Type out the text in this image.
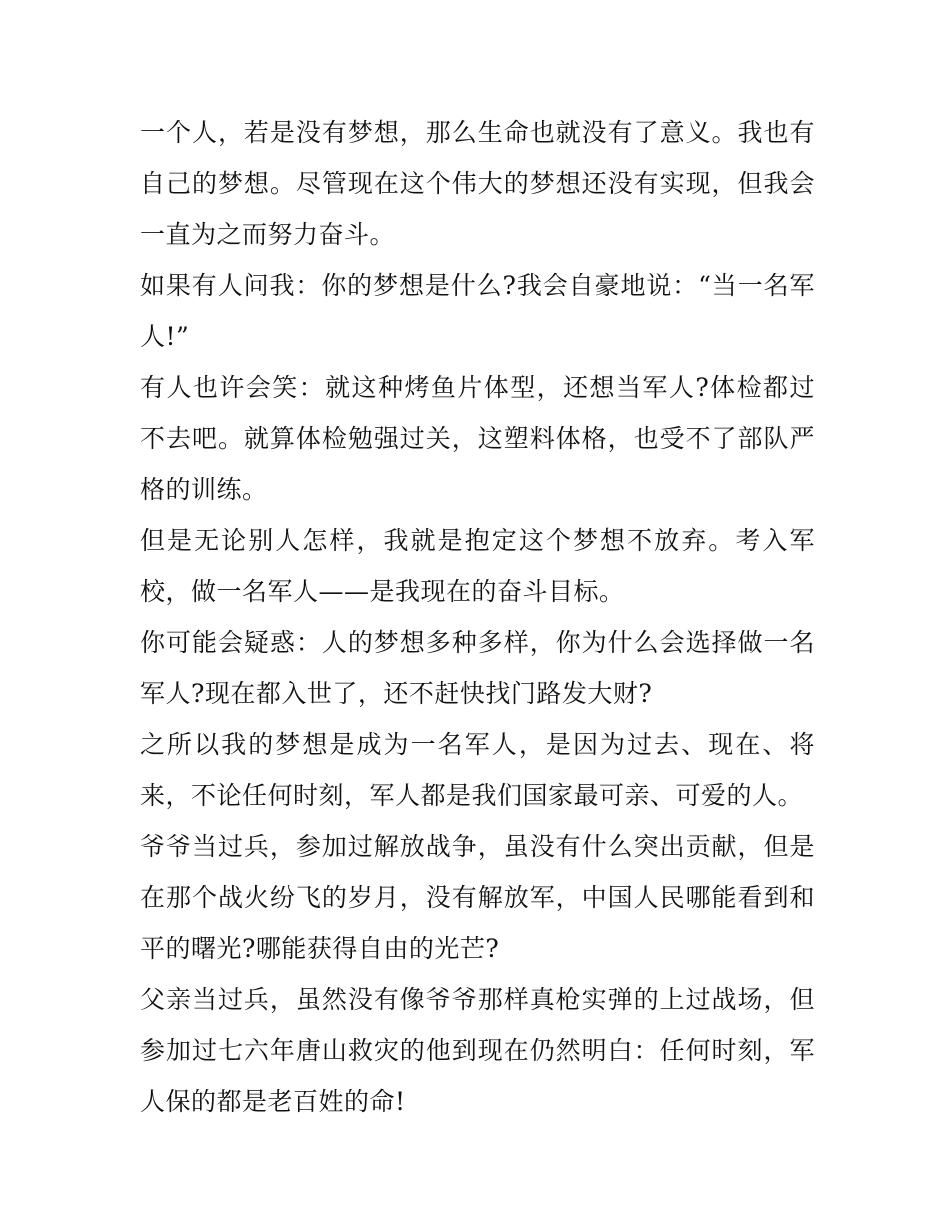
一个人，若是没有梦想，那么生命也就没有了意义。我也有自己的梦想。尽管现在这个伟大的梦想还没有实现，但我会一直为之而努力奋斗。

如果有人问我：你的梦想是什么?我会自豪地说：“当一名军人!”

有人也许会笑：就这种烤鱼片体型，还想当军人?体检都过不去吧。就算体检勉强过关，这塑料体格，也受不了部队严格的训练。

但是无论别人怎样，我就是抱定这个梦想不放弃。考入军校，做一名军人——是我现在的奋斗目标。

你可能会疑惑：人的梦想多种多样，你为什么会选择做一名军人?现在都入世了，还不赶快找门路发大财?

之所以我的梦想是成为一名军人，是因为过去、现在、将来，不论任何时刻，军人都是我们国家最可亲、可爱的人。

爷爷当过兵，参加过解放战争，虽没有什么突出贡献，但是在那个战火纷飞的岁月，没有解放军，中国人民哪能看到和平的曙光?哪能获得自由的光芒?

父亲当过兵，虽然没有像爷爷那样真枪实弹的上过战场，但参加过七六年唐山救灾的他到现在仍然明白：任何时刻，军人保的都是老百姓的命!
